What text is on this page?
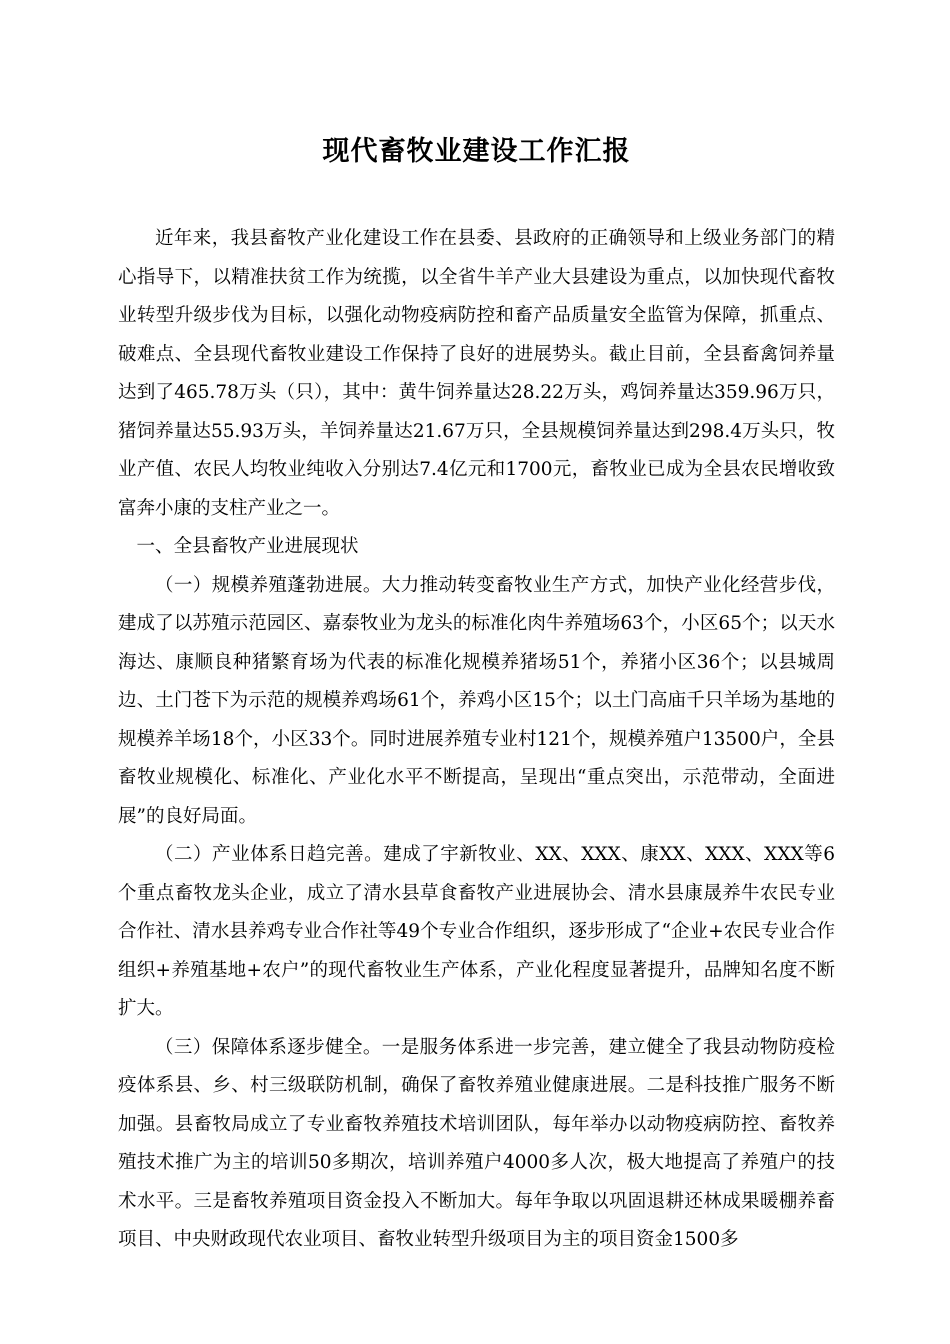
现代畜牧业建设工作汇报

近年来，我县畜牧产业化建设工作在县委、县政府的正确领导和上级业务部门的精心指导下，以精准扶贫工作为统揽，以全省牛羊产业大县建设为重点，以加快现代畜牧业转型升级步伐为目标，以强化动物疫病防控和畜产品质量安全监管为保障，抓重点、破难点、全县现代畜牧业建设工作保持了良好的进展势头。截止目前，全县畜禽饲养量达到了465.78万头（只），其中：黄牛饲养量达28.22万头，鸡饲养量达359.96万只，猪饲养量达55.93万头，羊饲养量达21.67万只，全县规模饲养量达到298.4万头只，牧业产值、农民人均牧业纯收入分别达7.4亿元和1700元，畜牧业已成为全县农民增收致富奔小康的支柱产业之一。

一、全县畜牧产业进展现状

（一）规模养殖蓬勃进展。大力推动转变畜牧业生产方式，加快产业化经营步伐，建成了以苏殖示范园区、嘉泰牧业为龙头的标准化肉牛养殖场63个，小区65个；以天水海达、康顺良种猪繁育场为代表的标准化规模养猪场51个，养猪小区36个；以县城周边、土门苍下为示范的规模养鸡场61个，养鸡小区15个；以土门高庙千只羊场为基地的规模养羊场18个，小区33个。同时进展养殖专业村121个，规模养殖户13500户，全县畜牧业规模化、标准化、产业化水平不断提高，呈现出“重点突出，示范带动，全面进展”的良好局面。

（二）产业体系日趋完善。建成了宇新牧业、XX、XXX、康XX、XXX、XXX等6个重点畜牧龙头企业，成立了清水县草食畜牧产业进展协会、清水县康晟养牛农民专业合作社、清水县养鸡专业合作社等49个专业合作组织，逐步形成了“企业+农民专业合作组织+养殖基地+农户”的现代畜牧业生产体系，产业化程度显著提升，品牌知名度不断扩大。

（三）保障体系逐步健全。一是服务体系进一步完善，建立健全了我县动物防疫检疫体系县、乡、村三级联防机制，确保了畜牧养殖业健康进展。二是科技推广服务不断加强。县畜牧局成立了专业畜牧养殖技术培训团队，每年举办以动物疫病防控、畜牧养殖技术推广为主的培训50多期次，培训养殖户4000多人次，极大地提高了养殖户的技术水平。三是畜牧养殖项目资金投入不断加大。每年争取以巩固退耕还林成果暖棚养畜项目、中央财政现代农业项目、畜牧业转型升级项目为主的项目资金1500多
